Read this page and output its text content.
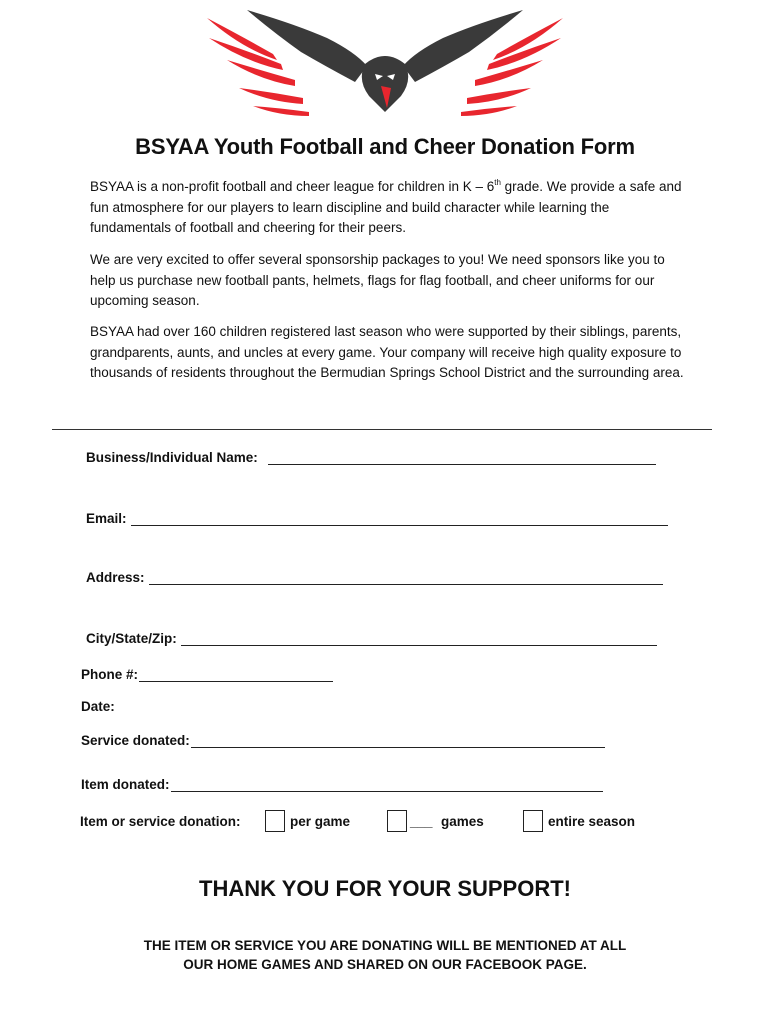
BSYAA Youth Football and Cheer Donation Form

BSYAA is a non-profit football and cheer league for children in K – 6th grade. We provide a safe and fun atmosphere for our players to learn discipline and build character while learning the fundamentals of football and cheering for their peers.

We are very excited to offer several sponsorship packages to you! We need sponsors like you to help us purchase new football pants, helmets, flags for flag football, and cheer uniforms for our upcoming season.

BSYAA had over 160 children registered last season who were supported by their siblings, parents, grandparents, aunts, and uncles at every game. Your company will receive high quality exposure to thousands of residents throughout the Bermudian Springs School District and the surrounding area.

Business/Individual Name:
Email:
Address:
City/State/Zip:
Phone #:
Date:
Service donated:
Item donated:
Item or service donation:	per game	___ games	entire season
THANK YOU FOR YOUR SUPPORT!
THE ITEM OR SERVICE YOU ARE DONATING WILL BE MENTIONED AT ALL
OUR HOME GAMES AND SHARED ON OUR FACEBOOK PAGE.
